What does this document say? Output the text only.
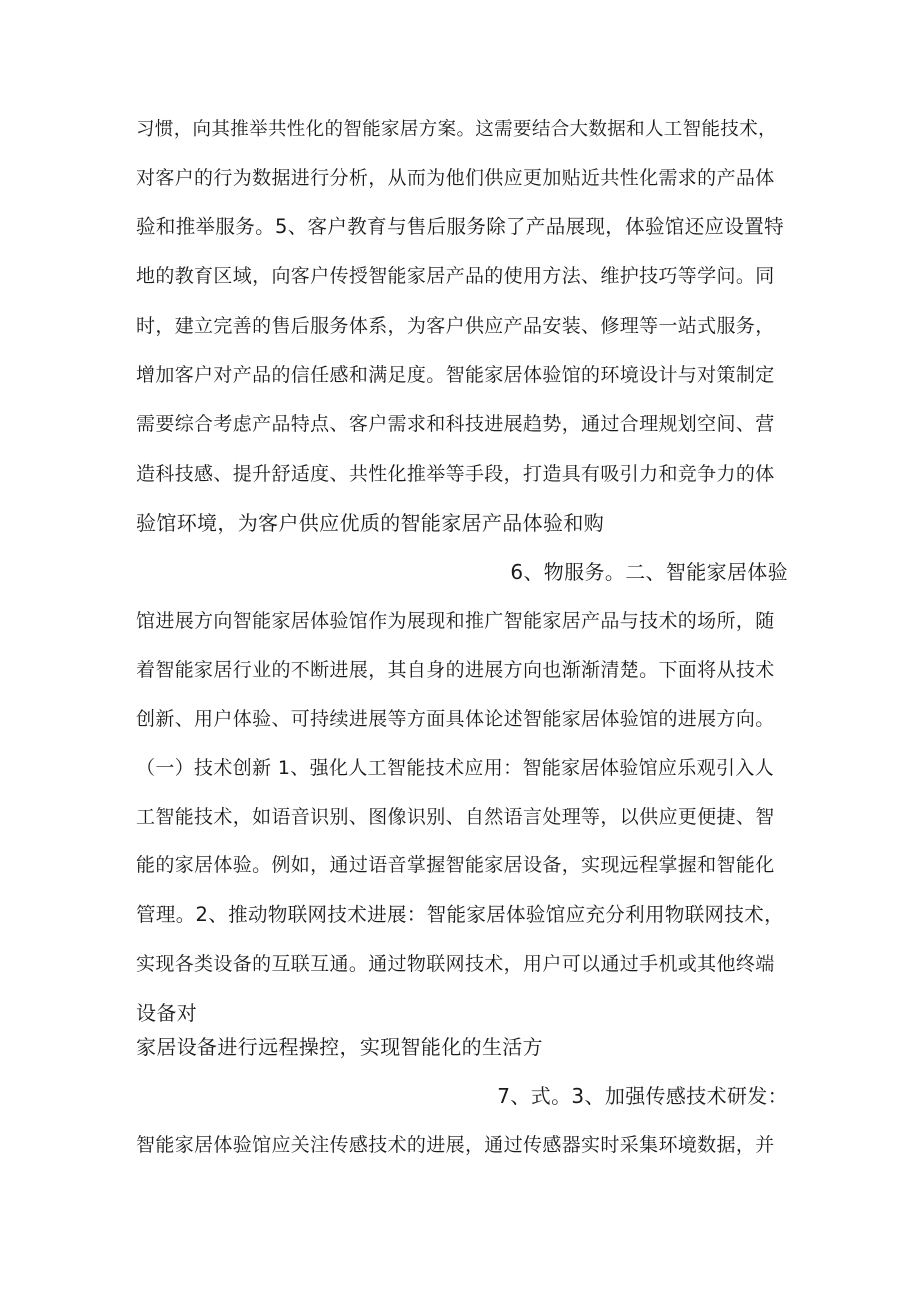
习惯，向其推举共性化的智能家居方案。这需要结合大数据和人工智能技术，
对客户的行为数据进行分析，从而为他们供应更加贴近共性化需求的产品体
验和推举服务。5、客户教育与售后服务除了产品展现，体验馆还应设置特
地的教育区域，向客户传授智能家居产品的使用方法、维护技巧等学问。同
时，建立完善的售后服务体系，为客户供应产品安装、修理等一站式服务，
增加客户对产品的信任感和满足度。智能家居体验馆的环境设计与对策制定
需要综合考虑产品特点、客户需求和科技进展趋势，通过合理规划空间、营
造科技感、提升舒适度、共性化推举等手段，打造具有吸引力和竞争力的体
验馆环境，为客户供应优质的智能家居产品体验和购
6、物服务。二、智能家居体验
馆进展方向智能家居体验馆作为展现和推广智能家居产品与技术的场所，随
着智能家居行业的不断进展，其自身的进展方向也渐渐清楚。下面将从技术
创新、用户体验、可持续进展等方面具体论述智能家居体验馆的进展方向。
（一）技术创新 1、强化人工智能技术应用：智能家居体验馆应乐观引入人
工智能技术，如语音识别、图像识别、自然语言处理等，以供应更便捷、智
能的家居体验。例如，通过语音掌握智能家居设备，实现远程掌握和智能化
管理。2、推动物联网技术进展：智能家居体验馆应充分利用物联网技术，
实现各类设备的互联互通。通过物联网技术，用户可以通过手机或其他终端
设备对
家居设备进行远程操控，实现智能化的生活方
7、式。3、加强传感技术研发：
智能家居体验馆应关注传感技术的进展，通过传感器实时采集环境数据，并
